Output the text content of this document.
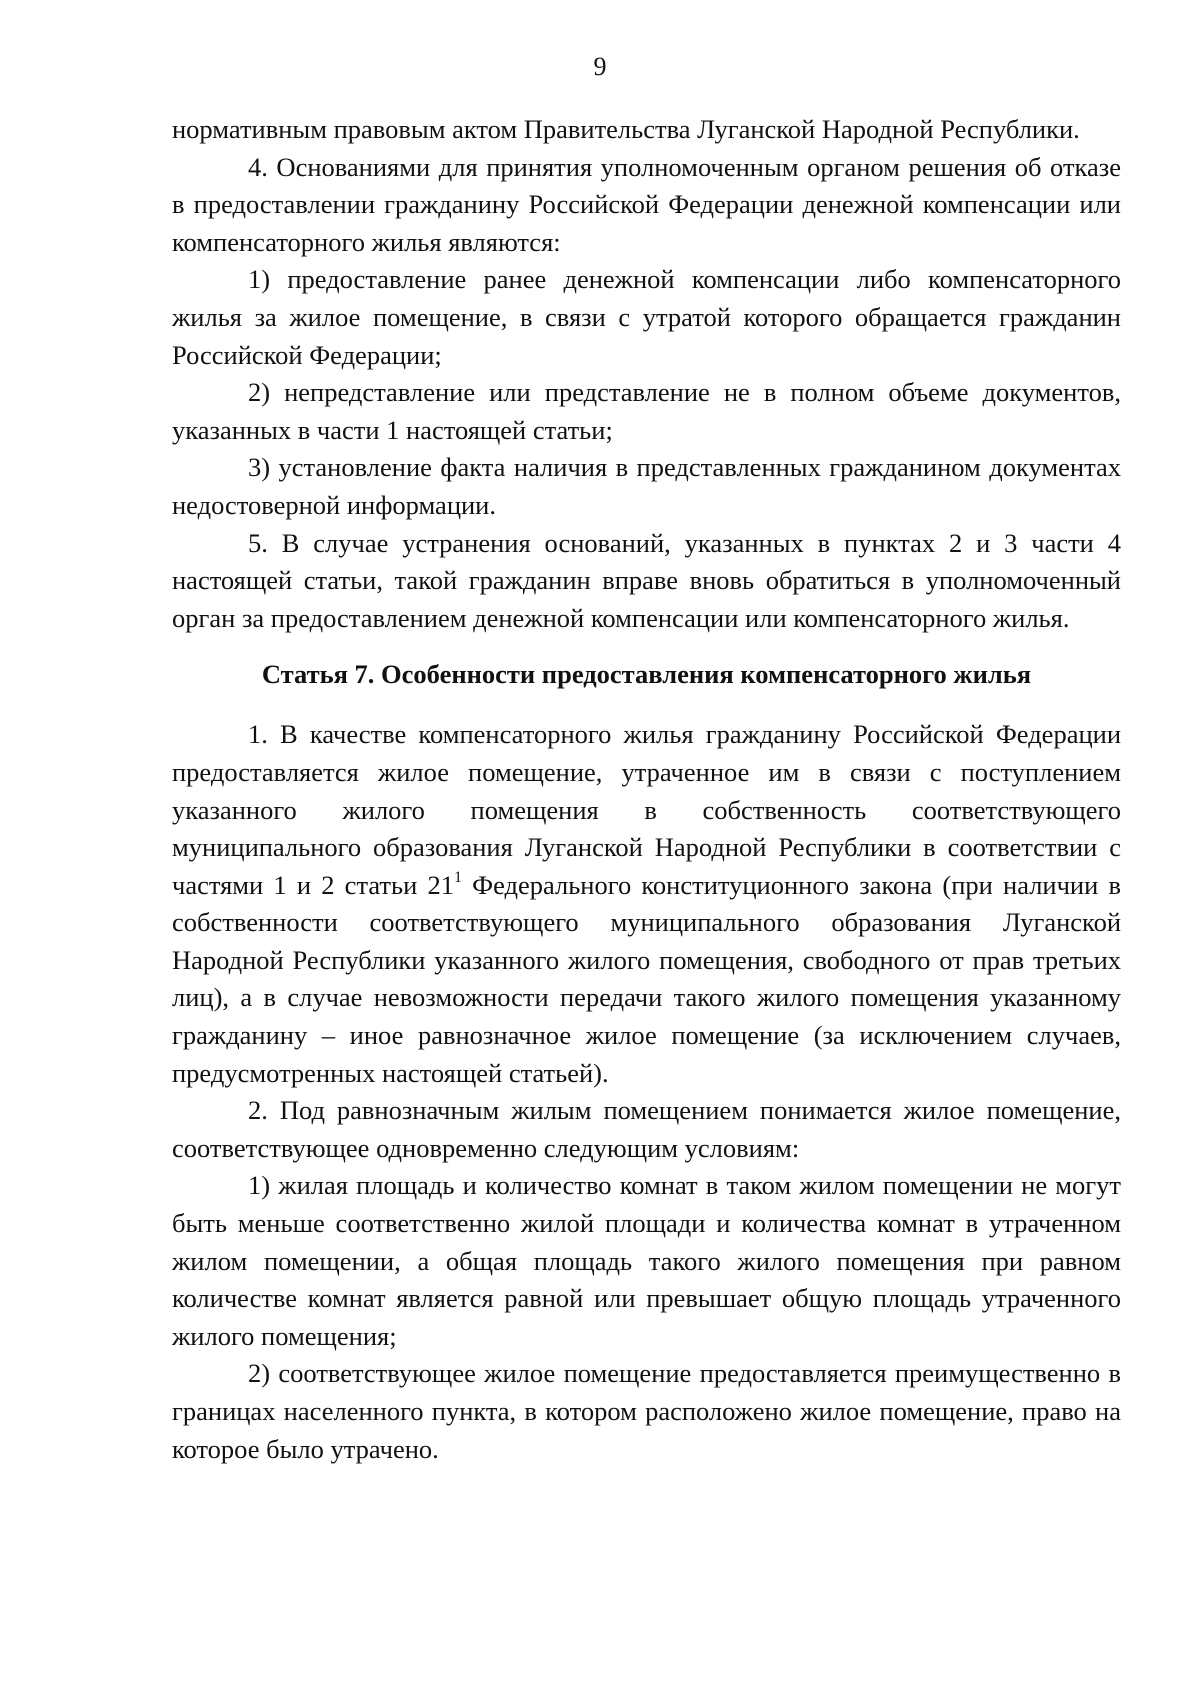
9

нормативным правовым актом Правительства Луганской Народной Республики.

4. Основаниями для принятия уполномоченным органом решения об отказе в предоставлении гражданину Российской Федерации денежной компенсации или компенсаторного жилья являются:

1) предоставление ранее денежной компенсации либо компенсаторного жилья за жилое помещение, в связи с утратой которого обращается гражданин Российской Федерации;

2) непредставление или представление не в полном объеме документов, указанных в части 1 настоящей статьи;

3) установление факта наличия в представленных гражданином документах недостоверной информации.

5. В случае устранения оснований, указанных в пунктах 2 и 3 части 4 настоящей статьи, такой гражданин вправе вновь обратиться в уполномоченный орган за предоставлением денежной компенсации или компенсаторного жилья.

Статья 7. Особенности предоставления компенсаторного жилья

1. В качестве компенсаторного жилья гражданину Российской Федерации предоставляется жилое помещение, утраченное им в связи с поступлением указанного жилого помещения в собственность соответствующего муниципального образования Луганской Народной Республики в соответствии с частями 1 и 2 статьи $21^1$ Федерального конституционного закона (при наличии в собственности соответствующего муниципального образования Луганской Народной Республики указанного жилого помещения, свободного от прав третьих лиц), а в случае невозможности передачи такого жилого помещения указанному гражданину – иное равнозначное жилое помещение (за исключением случаев, предусмотренных настоящей статьей).

2. Под равнозначным жилым помещением понимается жилое помещение, соответствующее одновременно следующим условиям:

1) жилая площадь и количество комнат в таком жилом помещении не могут быть меньше соответственно жилой площади и количества комнат в утраченном жилом помещении, а общая площадь такого жилого помещения при равном количестве комнат является равной или превышает общую площадь утраченного жилого помещения;

2) соответствующее жилое помещение предоставляется преимущественно в границах населенного пункта, в котором расположено жилое помещение, право на которое было утрачено.
